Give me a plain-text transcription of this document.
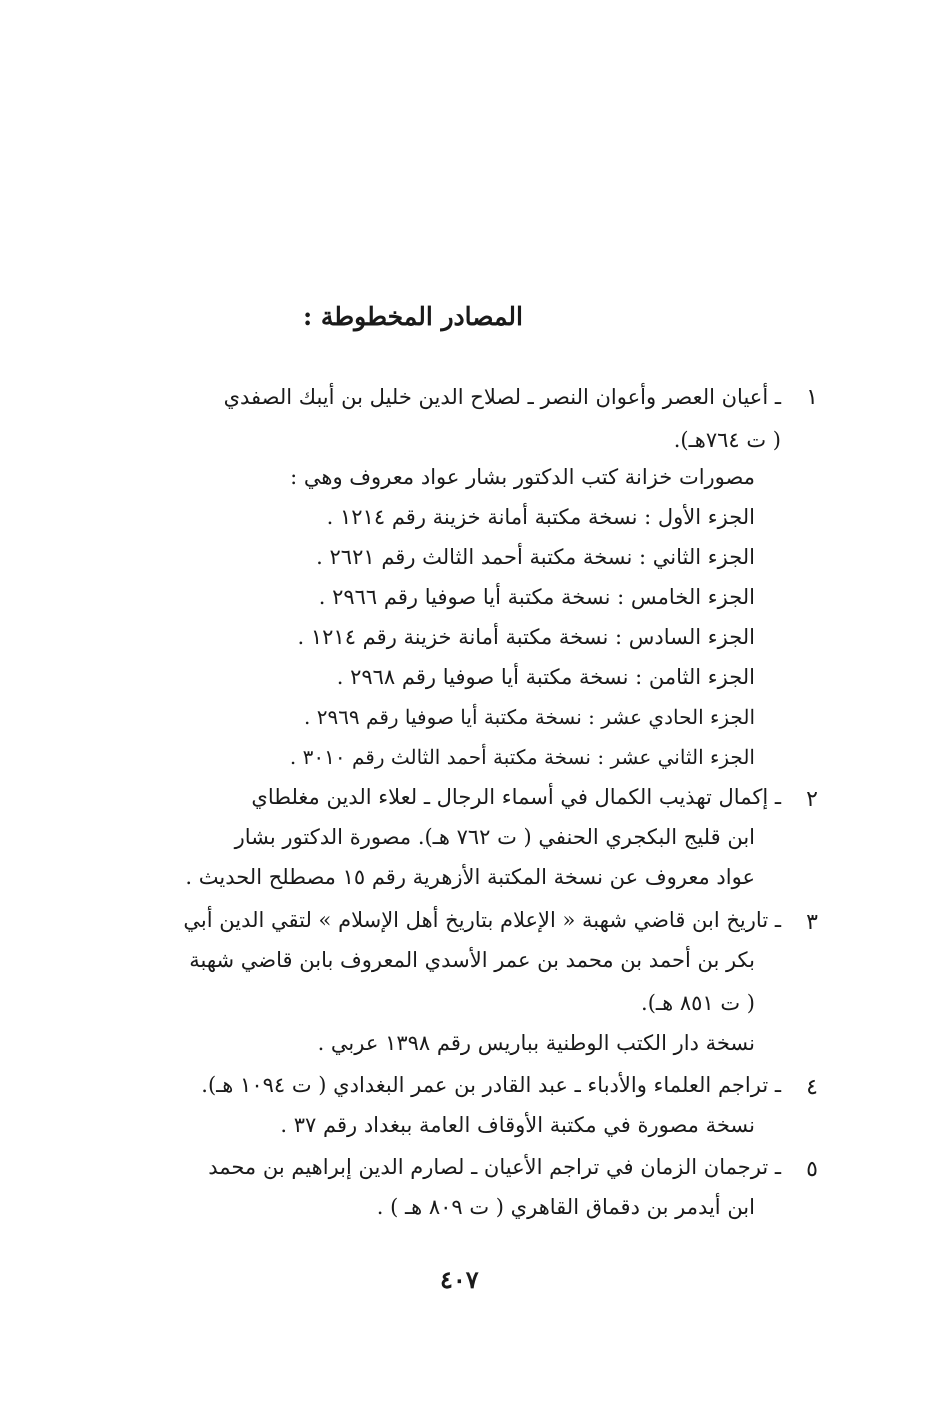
المصادر المخطوطة :
١
ـ أعيان العصر وأعوان النصر ـ لصلاح الدين خليل بن أيبك الصفدي
( ت ٧٦٤هـ).
مصورات خزانة كتب الدكتور بشار عواد معروف وهي :
الجزء الأول : نسخة مكتبة أمانة خزينة رقم ١٢١٤ .
الجزء الثاني : نسخة مكتبة أحمد الثالث رقم ٢٦٢١ .
الجزء الخامس : نسخة مكتبة أيا صوفيا رقم ٢٩٦٦ .
الجزء السادس : نسخة مكتبة أمانة خزينة رقم ١٢١٤ .
الجزء الثامن : نسخة مكتبة أيا صوفيا رقم ٢٩٦٨ .
الجزء الحادي عشر : نسخة مكتبة أيا صوفيا رقم ٢٩٦٩ .
الجزء الثاني عشر : نسخة مكتبة أحمد الثالث رقم ٣٠١٠ .
٢
ـ إكمال تهذيب الكمال في أسماء الرجال ـ لعلاء الدين مغلطاي
ابن قليج البكجري الحنفي ( ت ٧٦٢ هـ). مصورة الدكتور بشار
عواد معروف عن نسخة المكتبة الأزهرية رقم ١٥ مصطلح الحديث .
٣
ـ تاريخ ابن قاضي شهبة « الإعلام بتاريخ أهل الإسلام » لتقي الدين أبي
بكر بن أحمد بن محمد بن عمر الأسدي المعروف بابن قاضي شهبة
( ت ٨٥١ هـ).
نسخة دار الكتب الوطنية بباريس رقم ١٣٩٨ عربي .
٤
ـ تراجم العلماء والأدباء ـ عبد القادر بن عمر البغدادي ( ت ١٠٩٤ هـ).
نسخة مصورة في مكتبة الأوقاف العامة ببغداد رقم ٣٧ .
٥
ـ ترجمان الزمان في تراجم الأعيان ـ لصارم الدين إبراهيم بن محمد
ابن أيدمر بن دقماق القاهري ( ت ٨٠٩ هـ ) .
٤٠٧
